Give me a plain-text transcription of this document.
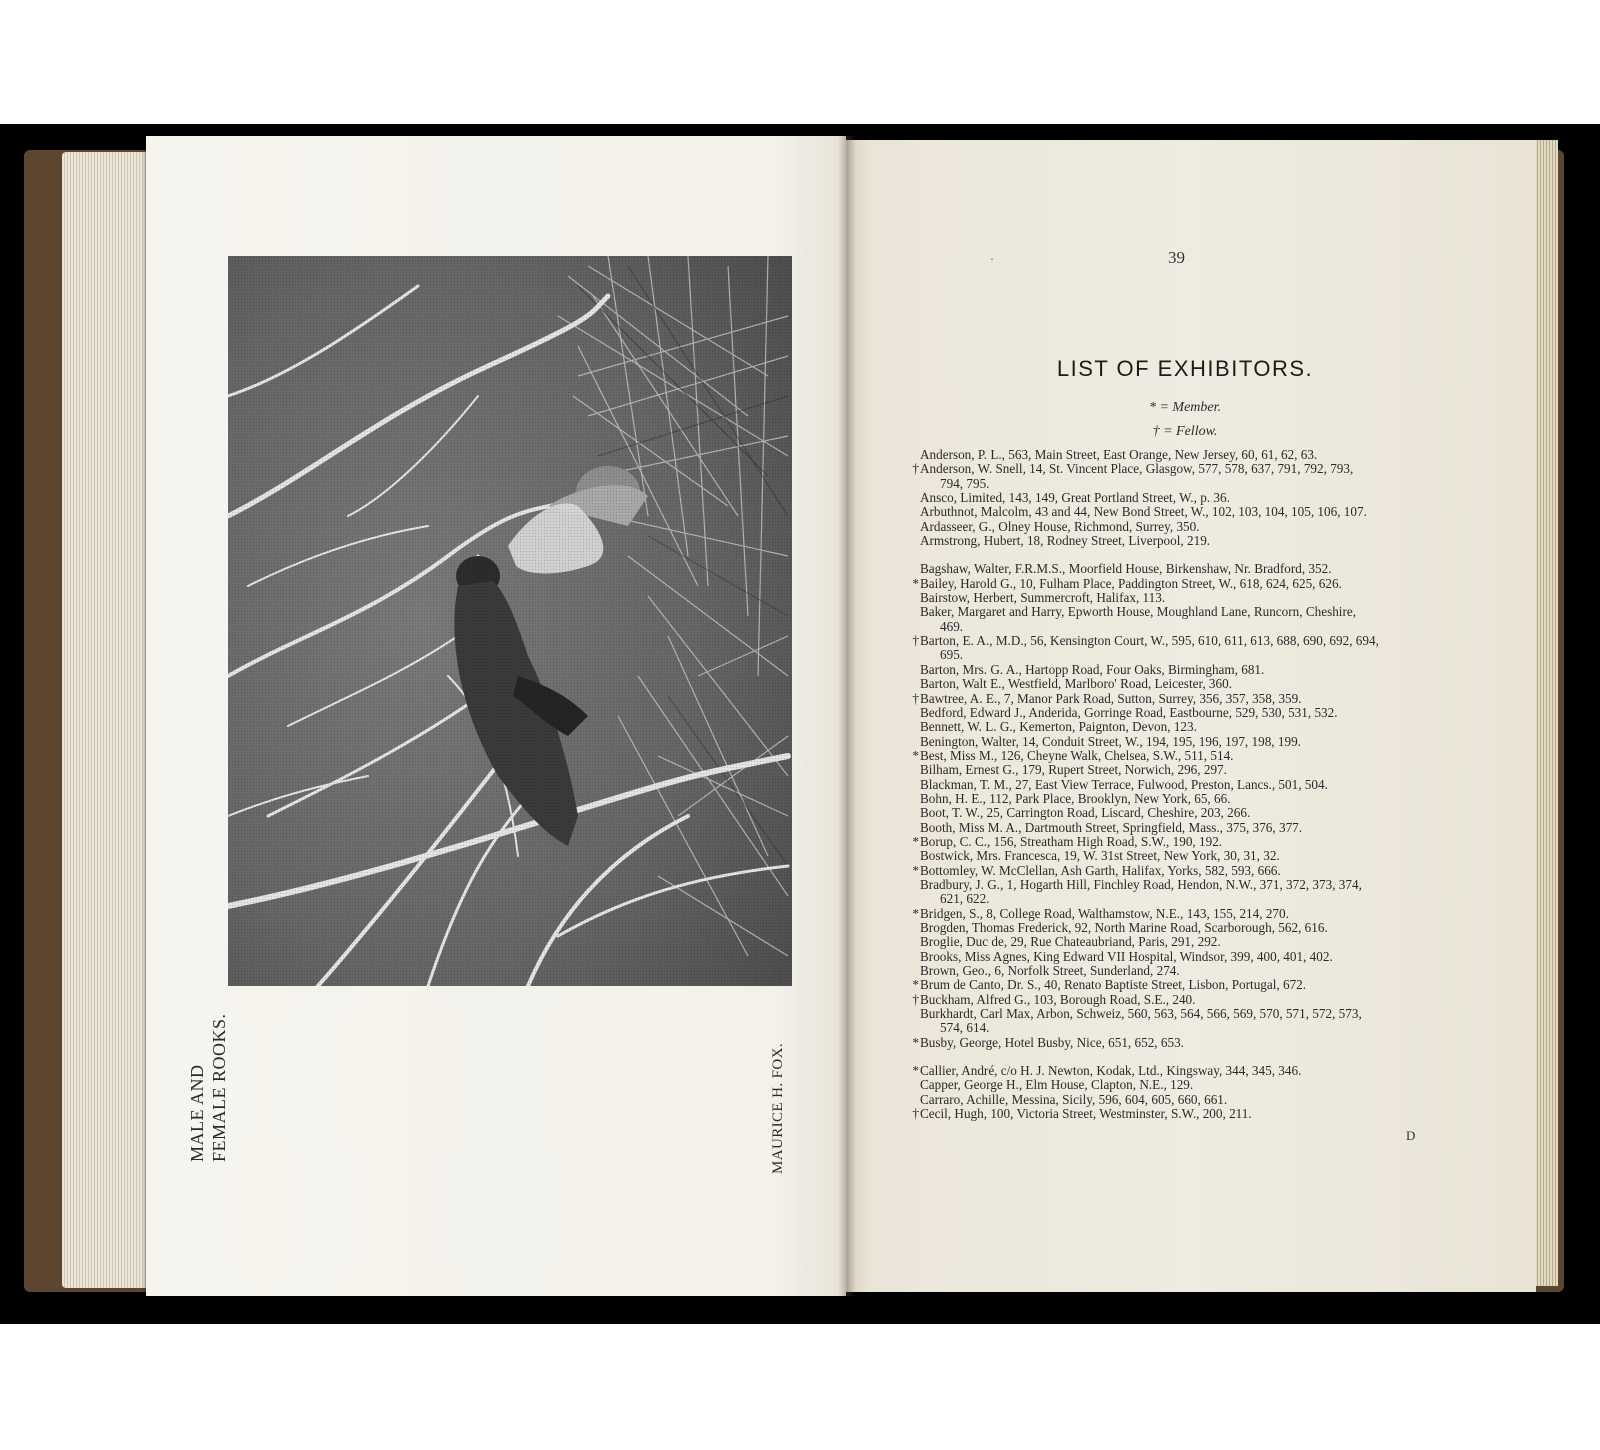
MALE AND FEMALE ROOKS.	MAURICE H. FOX.
·	39
LIST OF EXHIBITORS.
* = Member.
† = Fellow.
Anderson, P. L., 563, Main Street, East Orange, New Jersey, 60, 61, 62, 63.
† Anderson, W. Snell, 14, St. Vincent Place, Glasgow, 577, 578, 637, 791, 792, 793,
794, 795.
Ansco, Limited, 143, 149, Great Portland Street, W., p. 36.
Arbuthnot, Malcolm, 43 and 44, New Bond Street, W., 102, 103, 104, 105, 106, 107.
Ardasseer, G., Olney House, Richmond, Surrey, 350.
Armstrong, Hubert, 18, Rodney Street, Liverpool, 219.
Bagshaw, Walter, F.R.M.S., Moorfield House, Birkenshaw, Nr. Bradford, 352.
* Bailey, Harold G., 10, Fulham Place, Paddington Street, W., 618, 624, 625, 626.
Bairstow, Herbert, Summercroft, Halifax, 113.
Baker, Margaret and Harry, Epworth House, Moughland Lane, Runcorn, Cheshire,
469.
† Barton, E. A., M.D., 56, Kensington Court, W., 595, 610, 611, 613, 688, 690, 692, 694,
695.
Barton, Mrs. G. A., Hartopp Road, Four Oaks, Birmingham, 681.
Barton, Walt E., Westfield, Marlboro' Road, Leicester, 360.
† Bawtree, A. E., 7, Manor Park Road, Sutton, Surrey, 356, 357, 358, 359.
Bedford, Edward J., Anderida, Gorringe Road, Eastbourne, 529, 530, 531, 532.
Bennett, W. L. G., Kemerton, Paignton, Devon, 123.
Benington, Walter, 14, Conduit Street, W., 194, 195, 196, 197, 198, 199.
* Best, Miss M., 126, Cheyne Walk, Chelsea, S.W., 511, 514.
Bilham, Ernest G., 179, Rupert Street, Norwich, 296, 297.
Blackman, T. M., 27, East View Terrace, Fulwood, Preston, Lancs., 501, 504.
Bohn, H. E., 112, Park Place, Brooklyn, New York, 65, 66.
Boot, T. W., 25, Carrington Road, Liscard, Cheshire, 203, 266.
Booth, Miss M. A., Dartmouth Street, Springfield, Mass., 375, 376, 377.
* Borup, C. C., 156, Streatham High Road, S.W., 190, 192.
Bostwick, Mrs. Francesca, 19, W. 31st Street, New York, 30, 31, 32.
* Bottomley, W. McClellan, Ash Garth, Halifax, Yorks, 582, 593, 666.
Bradbury, J. G., 1, Hogarth Hill, Finchley Road, Hendon, N.W., 371, 372, 373, 374,
621, 622.
* Bridgen, S., 8, College Road, Walthamstow, N.E., 143, 155, 214, 270.
Brogden, Thomas Frederick, 92, North Marine Road, Scarborough, 562, 616.
Broglie, Duc de, 29, Rue Chateaubriand, Paris, 291, 292.
Brooks, Miss Agnes, King Edward VII Hospital, Windsor, 399, 400, 401, 402.
Brown, Geo., 6, Norfolk Street, Sunderland, 274.
* Brum de Canto, Dr. S., 40, Renato Baptiste Street, Lisbon, Portugal, 672.
† Buckham, Alfred G., 103, Borough Road, S.E., 240.
Burkhardt, Carl Max, Arbon, Schweiz, 560, 563, 564, 566, 569, 570, 571, 572, 573,
574, 614.
* Busby, George, Hotel Busby, Nice, 651, 652, 653.
* Callier, André, c/o H. J. Newton, Kodak, Ltd., Kingsway, 344, 345, 346.
Capper, George H., Elm House, Clapton, N.E., 129.
Carraro, Achille, Messina, Sicily, 596, 604, 605, 660, 661.
† Cecil, Hugh, 100, Victoria Street, Westminster, S.W., 200, 211.
D
